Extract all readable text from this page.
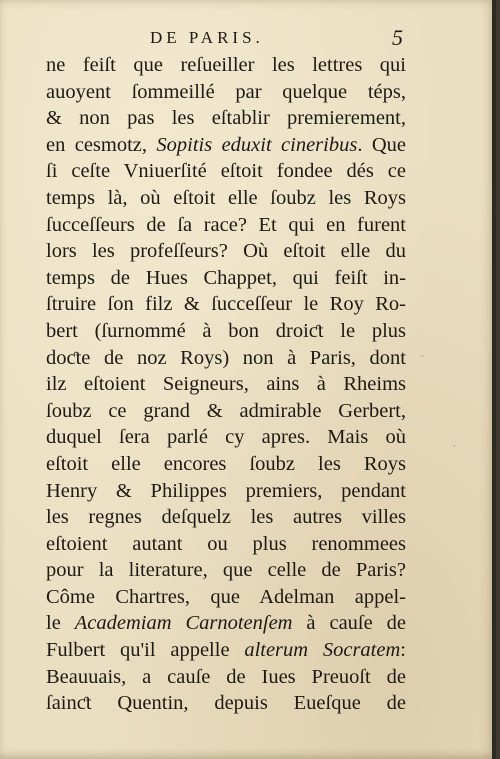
DE PARIS.	5
ne feiſt que reſueiller les lettres qui
auoyent ſommeillé par quelque téps,
& non pas les eſtablir premierement,
en cesmotz, Sopitis eduxit cineribus. Que
ſi ceſte Vniuerſité eſtoit fondee dés ce
temps là, où eſtoit elle ſoubz les Roys
ſucceſſeurs de ſa race? Et qui en furent
lors les profeſſeurs? Où eſtoit elle du
temps de Hues Chappet, qui feiſt in-
ſtruire ſon filz & ſucceſſeur le Roy Ro-
bert (ſurnommé à bon droiƈt le plus
doƈte de noz Roys) non à Paris, dont
ilz eſtoient Seigneurs, ains à Rheims
ſoubz ce grand & admirable Gerbert,
duquel ſera parlé cy apres. Mais où
eſtoit elle encores ſoubz les Roys
Henry & Philippes premiers, pendant
les regnes deſquelz les autres villes
eſtoient autant ou plus renommees
pour la literature, que celle de Paris?
Côme Chartres, que Adelman appel-
le Academiam Carnotenſem à cauſe de
Fulbert qu'il appelle alterum Socratem:
Beauuais, a cauſe de Iues Preuoſt de
ſainƈt Quentin, depuis Eueſque de
·
·
